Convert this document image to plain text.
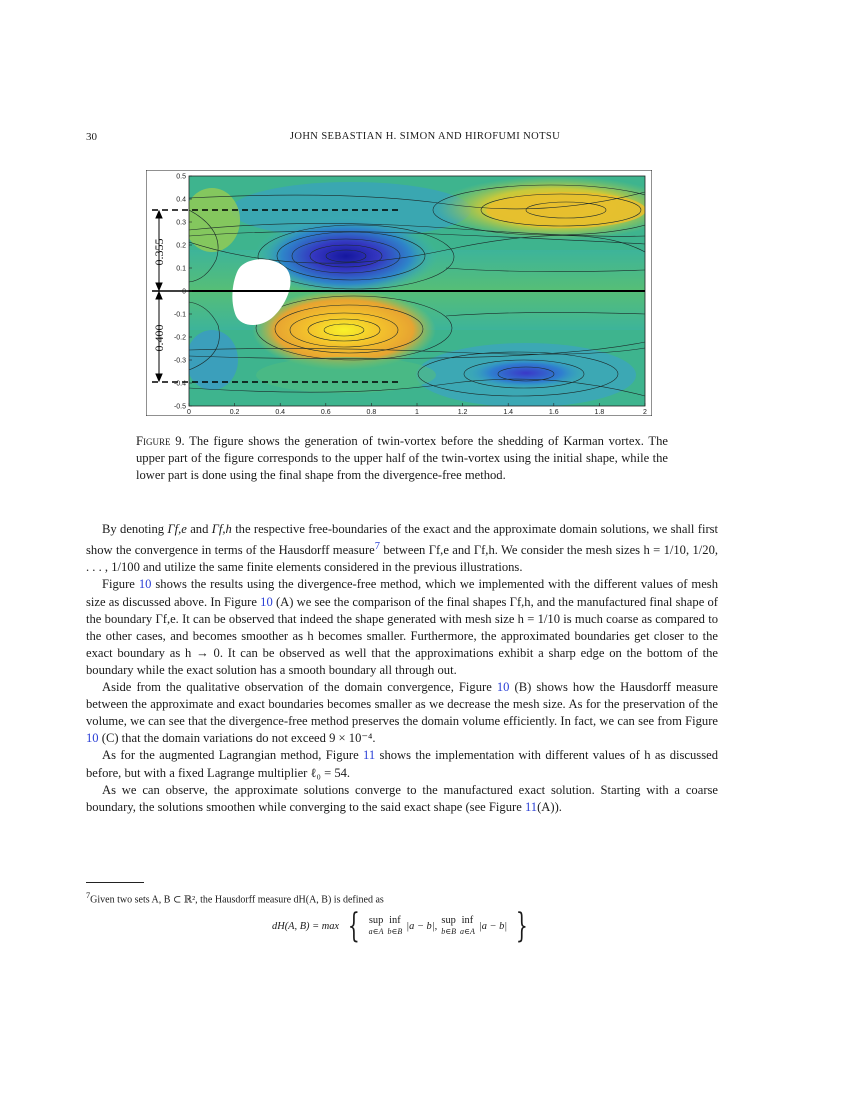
30	JOHN SEBASTIAN H. SIMON AND HIROFUMI NOTSU
0.355
0.400
0	0.2	0.4	0.6	0.8	1	1.2	1.4	1.6	1.8	2
0.5
0.4
0.3
0.2
0.1
0
-0.1
-0.2
-0.3
-0.4
-0.5
Figure 9. The figure shows the generation of twin-vortex before the shedding of Karman vortex. The upper part of the figure corresponds to the upper half of the twin-vortex using the initial shape, while the lower part is done using the final shape from the divergence-free method.

By denoting Γf,e and Γf,h the respective free-boundaries of the exact and the approximate domain solutions, we shall first show the convergence in terms of the Hausdorff measure$^7$ between Γf,e and Γf,h. We consider the mesh sizes h = 1/10, 1/20, . . . , 1/100 and utilize the same finite elements considered in the previous illustrations.

Figure 10 shows the results using the divergence-free method, which we implemented with the different values of mesh size as discussed above. In Figure 10 (A) we see the comparison of the final shapes Γf,h, and the manufactured final shape of the boundary Γf,e. It can be observed that indeed the shape generated with mesh size h = 1/10 is much coarse as compared to the other cases, and becomes smoother as h becomes smaller. Furthermore, the approximated boundaries get closer to the exact boundary as h → 0. It can be observed as well that the approximations exhibit a sharp edge on the bottom of the boundary while the exact solution has a smooth boundary all through out.

Aside from the qualitative observation of the domain convergence, Figure 10 (B) shows how the Hausdorff measure between the approximate and exact boundaries becomes smaller as we decrease the mesh size. As for the preservation of the volume, we can see that the divergence-free method preserves the domain volume efficiently. In fact, we can see from Figure 10 (C) that the domain variations do not exceed 9 × 10⁻⁴.

As for the augmented Lagrangian method, Figure 11 shows the implementation with different values of h as discussed before, but with a fixed Lagrange multiplier ℓ₀ = 54.

As we can observe, the approximate solutions converge to the manufactured exact solution. Starting with a coarse boundary, the solutions smoothen while converging to the said exact shape (see Figure 11(A)).

$^7$Given two sets A, B ⊂ ℝ², the Hausdorff measure dH(A, B) is defined as
dH(A, B) = max { sup
a∈A
inf
b∈B |a − b|, sup
b∈B
inf
a∈A |a − b| }
